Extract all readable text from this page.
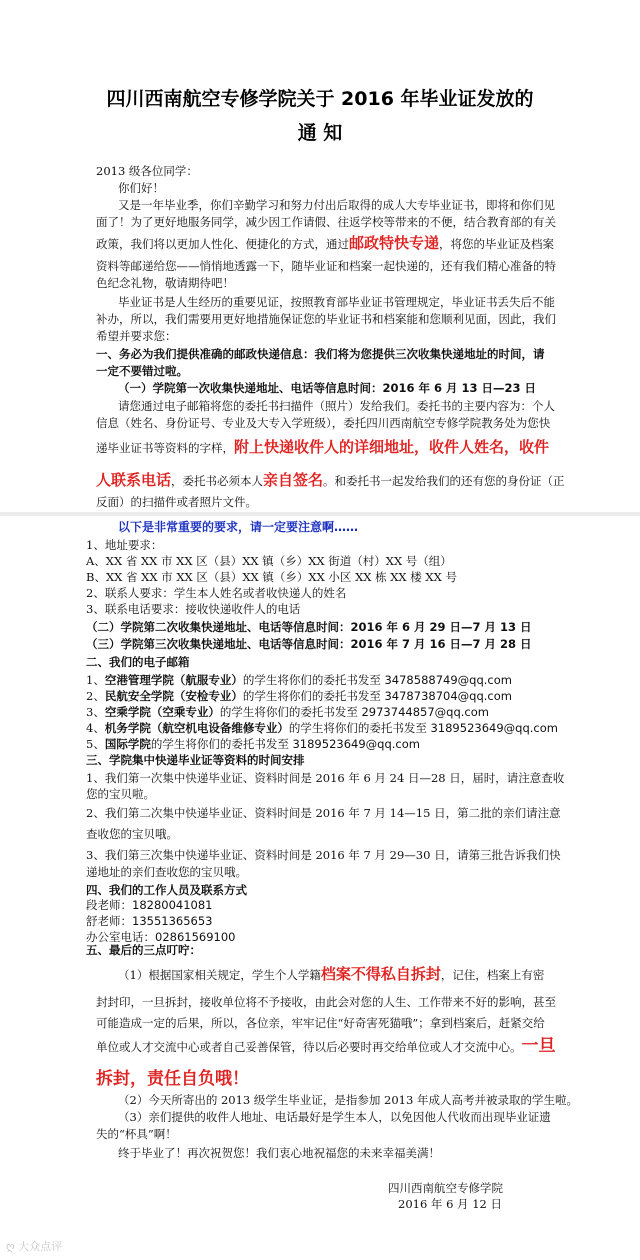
四川西南航空专修学院关于 2016 年毕业证发放的
通 知
2013 级各位同学：
你们好！
又是一年毕业季，你们辛勤学习和努力付出后取得的成人大专毕业证书，即将和你们见
面了！为了更好地服务同学，减少因工作请假、往返学校等带来的不便，结合教育部的有关
政策，我们将以更加人性化、便捷化的方式，通过邮政特快专递，将您的毕业证及档案
资料等邮递给您——悄悄地透露一下，随毕业证和档案一起快递的，还有我们精心准备的特
色纪念礼物，敬请期待吧！
毕业证书是人生经历的重要见证，按照教育部毕业证书管理规定，毕业证书丢失后不能
补办，所以，我们需要用更好地措施保证您的毕业证书和档案能和您顺利见面，因此，我们
希望并要求您：
一、务必为我们提供准确的邮政快递信息：我们将为您提供三次收集快递地址的时间，请
一定不要错过啦。
（一）学院第一次收集快递地址、电话等信息时间：2016 年 6 月 13 日—23 日
请您通过电子邮箱将您的委托书扫描件（照片）发给我们。委托书的主要内容为：个人
信息（姓名、身份证号、专业及大专入学班级），委托四川西南航空专修学院教务处为您快
递毕业证书等资料的字样，附上快递收件人的详细地址，收件人姓名，收件
人联系电话，委托书必须本人亲自签名。和委托书一起发给我们的还有您的身份证（正
反面）的扫描件或者照片文件。
以下是非常重要的要求，请一定要注意啊……
1、地址要求：
A、XX 省 XX 市 XX 区（县）XX 镇（乡）XX 街道（村）XX 号（组）
B、XX 省 XX 市 XX 区（县）XX 镇（乡）XX 小区 XX 栋 XX 楼 XX 号
2、联系人要求：学生本人姓名或者收快递人的姓名
3、联系电话要求：接收快递收件人的电话
（二）学院第二次收集快递地址、电话等信息时间：2016 年 6 月 29 日—7 月 13 日
（三）学院第三次收集快递地址、电话等信息时间：2016 年 7 月 16 日—7 月 28 日
二、我们的电子邮箱
1、空港管理学院（航服专业）的学生将你们的委托书发至 3478588749@qq.com
2、民航安全学院（安检专业）的学生将你们的委托书发至 3478738704@qq.com
3、空乘学院（空乘专业）的学生将你们的委托书发至 2973744857@qq.com
4、机务学院（航空机电设备维修专业）的学生将你们的委托书发至 3189523649@qq.com
5、国际学院的学生将你们的委托书发至 3189523649@qq.com
三、学院集中快递毕业证等资料的时间安排
1、我们第一次集中快递毕业证、资料时间是 2016 年 6 月 24 日—28 日，届时，请注意查收
您的宝贝啦。
2、我们第二次集中快递毕业证、资料时间是 2016 年 7 月 14—15 日，第二批的亲们请注意
查收您的宝贝哦。
3、我们第三次集中快递毕业证、资料时间是 2016 年 7 月 29—30 日，请第三批告诉我们快
递地址的亲们查收您的宝贝哦。
四、我们的工作人员及联系方式
段老师：18280041081
舒老师：13551365653
办公室电话：02861569100
五、最后的三点叮咛：
（1）根据国家相关规定，学生个人学籍档案不得私自拆封，记住，档案上有密
封封印，一旦拆封，接收单位将不予接收，由此会对您的人生、工作带来不好的影响，甚至
可能造成一定的后果，所以，各位亲，牢牢记住“好奇害死猫哦”；拿到档案后，赶紧交给
单位或人才交流中心或者自己妥善保管，待以后必要时再交给单位或人才交流中心。一旦
拆封，责任自负哦！
（2）今天所寄出的 2013 级学生毕业证，是指参加 2013 年成人高考并被录取的学生啦。
（3）亲们提供的收件人地址、电话最好是学生本人，以免因他人代收而出现毕业证遗
失的“杯具”啊！
终于毕业了！再次祝贺您！我们衷心地祝福您的未来幸福美满！
四川西南航空专修学院
2016 年 6 月 12 日
ღ 大众点评
